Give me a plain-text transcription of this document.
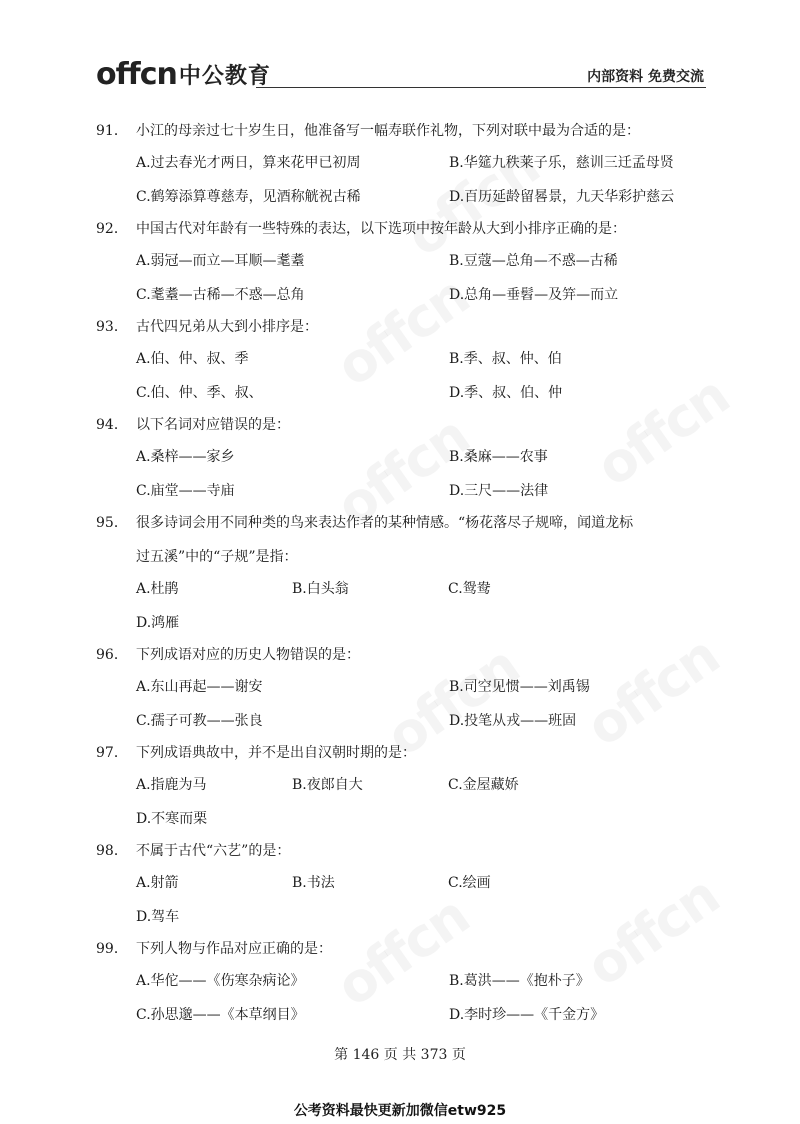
offcn 中公教育	内部资料 免费交流
91． 小江的母亲过七十岁生日，他准备写一幅寿联作礼物，下列对联中最为合适的是：
A.过去春光才两日，算来花甲已初周	B.华筵九秩莱子乐，慈训三迁孟母贤
C.鹤筹添算尊慈寿，见酒称觥祝古稀	D.百历延龄留晷景，九天华彩护慈云
92． 中国古代对年龄有一些特殊的表达，以下选项中按年龄从大到小排序正确的是：
A.弱冠—而立—耳顺—耄耋	B.豆蔻—总角—不惑—古稀
C.耄耋—古稀—不惑—总角	D.总角—垂髫—及笄—而立
93． 古代四兄弟从大到小排序是：
A.伯、仲、叔、季	B.季、叔、仲、伯
C.伯、仲、季、叔、	D.季、叔、伯、仲
94． 以下名词对应错误的是：
A.桑梓——家乡	B.桑麻——农事
C.庙堂——寺庙	D.三尺——法律
95． 很多诗词会用不同种类的鸟来表达作者的某种情感。“杨花落尽子规啼，闻道龙标
过五溪”中的“子规”是指：
A.杜鹃	B.白头翁	C.鸳鸯
D.鸿雁
96． 下列成语对应的历史人物错误的是：
A.东山再起——谢安	B.司空见惯——刘禹锡
C.孺子可教——张良	D.投笔从戎——班固
97． 下列成语典故中，并不是出自汉朝时期的是：
A.指鹿为马	B.夜郎自大	C.金屋藏娇
D.不寒而栗
98． 不属于古代“六艺”的是：
A.射箭	B.书法	C.绘画
D.驾车
99． 下列人物与作品对应正确的是：
A.华佗——《伤寒杂病论》	B.葛洪——《抱朴子》
C.孙思邈——《本草纲目》	D.李时珍——《千金方》
第 146 页 共 373 页
公考资料最快更新加微信etw925
